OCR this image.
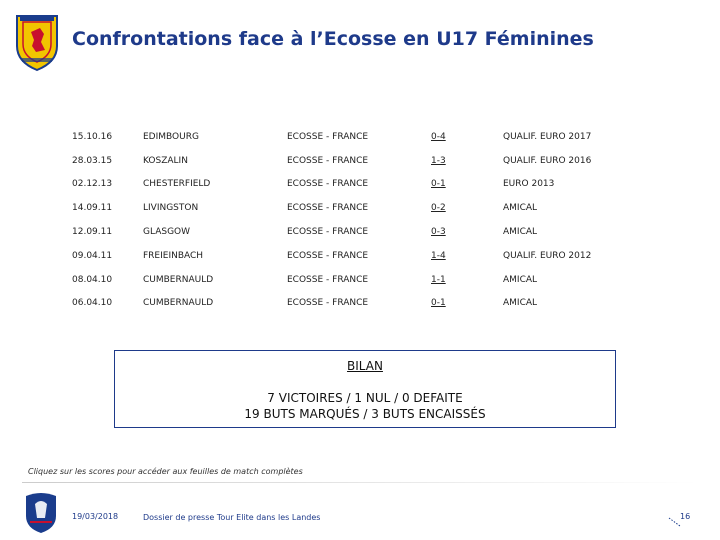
Confrontations face à l’Ecosse en U17 Féminines
15.10.16	EDIMBOURG	ECOSSE - FRANCE	0-4	QUALIF. EURO 2017
28.03.15	KOSZALIN	ECOSSE - FRANCE	1-3	QUALIF. EURO 2016
02.12.13	CHESTERFIELD	ECOSSE - FRANCE	0-1	EURO 2013
14.09.11	LIVINGSTON	ECOSSE - FRANCE	0-2	AMICAL
12.09.11	GLASGOW	ECOSSE - FRANCE	0-3	AMICAL
09.04.11	FREIEINBACH	ECOSSE - FRANCE	1-4	QUALIF. EURO 2012
08.04.10	CUMBERNAULD	ECOSSE - FRANCE	1-1	AMICAL
06.04.10	CUMBERNAULD	ECOSSE - FRANCE	0-1	AMICAL
BILAN
7 VICTOIRES / 1 NUL / 0 DEFAITE
19 BUTS MARQUÉS / 3 BUTS ENCAISSÉS
Cliquez sur les scores pour accéder aux feuilles de match complètes
19/03/2018	Dossier de presse Tour Elite dans les Landes	16
